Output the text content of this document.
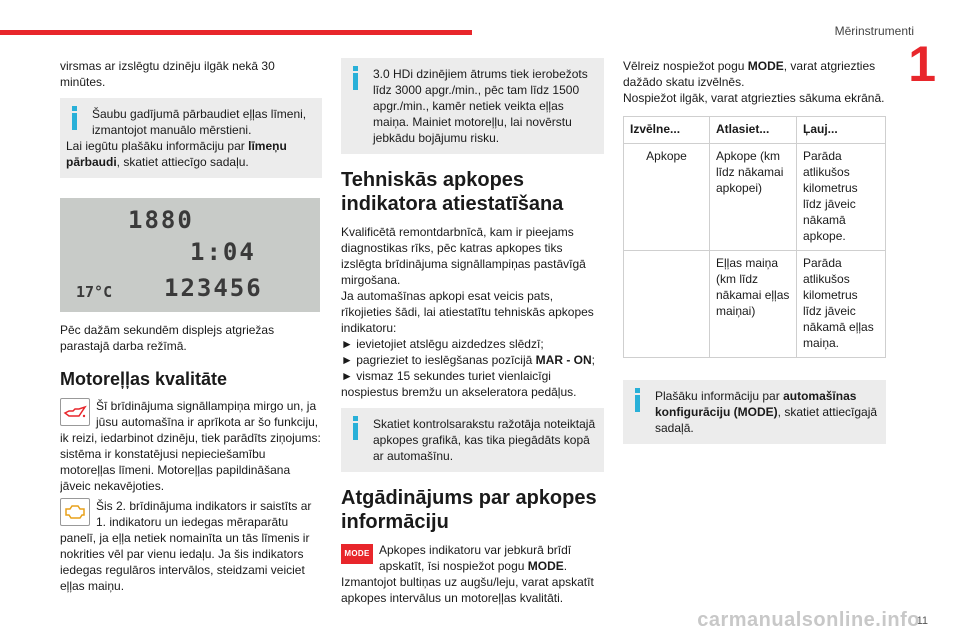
Mērinstrumenti
1

virsmas ar izslēgtu dzinēju ilgāk nekā 30 minūtes.

Šaubu gadījumā pārbaudiet eļļas līmeni, izmantojot manuālo mērstieni.

Lai iegūtu plašāku informāciju par līmeņu pārbaudi, skatiet attiecīgo sadaļu.

1880
1:04
17°C 123456

Pēc dažām sekundēm displejs atgriežas parastajā darba režīmā.

Motoreļļas kvalitāte

Šī brīdinājuma signāllampiņa mirgo un, ja jūsu automašīna ir aprīkota ar šo funkciju, ik reizi, iedarbinot dzinēju, tiek parādīts ziņojums: sistēma ir konstatējusi nepieciešamību motoreļļas līmeni. Motoreļļas papildināšana jāveic nekavējoties.

Šis 2. brīdinājuma indikators ir saistīts ar 1. indikatoru un iedegas mēraparātu panelī, ja eļļa netiek nomainīta un tās līmenis ir nokrities vēl par vienu iedaļu. Ja šis indikators iedegas regulāros intervālos, steidzami veiciet eļļas maiņu.

3.0 HDi dzinējiem ātrums tiek ierobežots līdz 3000 apgr./min., pēc tam līdz 1500 apgr./min., kamēr netiek veikta eļļas maiņa. Mainiet motoreļļu, lai novērstu jebkādu bojājumu risku.

Tehniskās apkopes indikatora atiestatīšana

Kvalificētā remontdarbnīcā, kam ir pieejams diagnostikas rīks, pēc katras apkopes tiks izslēgta brīdinājuma signāllampiņas pastāvīgā mirgošana.

Ja automašīnas apkopi esat veicis pats, rīkojieties šādi, lai atiestatītu tehniskās apkopes indikatoru:

► ievietojiet atslēgu aizdedzes slēdzī;

► pagrieziet to ieslēgšanas pozīcijā MAR - ON;

► vismaz 15 sekundes turiet vienlaicīgi nospiestus bremžu un akseleratora pedāļus.

Skatiet kontrolsarakstu ražotāja noteiktajā apkopes grafikā, kas tika piegādāts kopā ar automašīnu.

Atgādinājums par apkopes informāciju
MODE Apkopes indikatoru var jebkurā brīdī apskatīt, īsi nospiežot pogu MODE.

Izmantojot bultiņas uz augšu/leju, varat apskatīt apkopes intervālus un motoreļļas kvalitāti.

Vēlreiz nospiežot pogu MODE, varat atgriezties dažādo skatu izvēlnēs.

Nospiežot ilgāk, varat atgriezties sākuma ekrānā.

Izvēlne...	Atlasiet...	Ļauj...
Apkope	Apkope (km līdz nākamai apkopei)	Parāda atlikušos kilometrus līdz jāveic nākamā apkope.
	Eļļas maiņa (km līdz nākamai eļļas maiņai)	Parāda atlikušos kilometrus līdz jāveic nākamā eļļas maiņa.

Plašāku informāciju par automašīnas konfigurāciju (MODE), skatiet attiecīgajā sadaļā.

11
carmanualsonline.info
